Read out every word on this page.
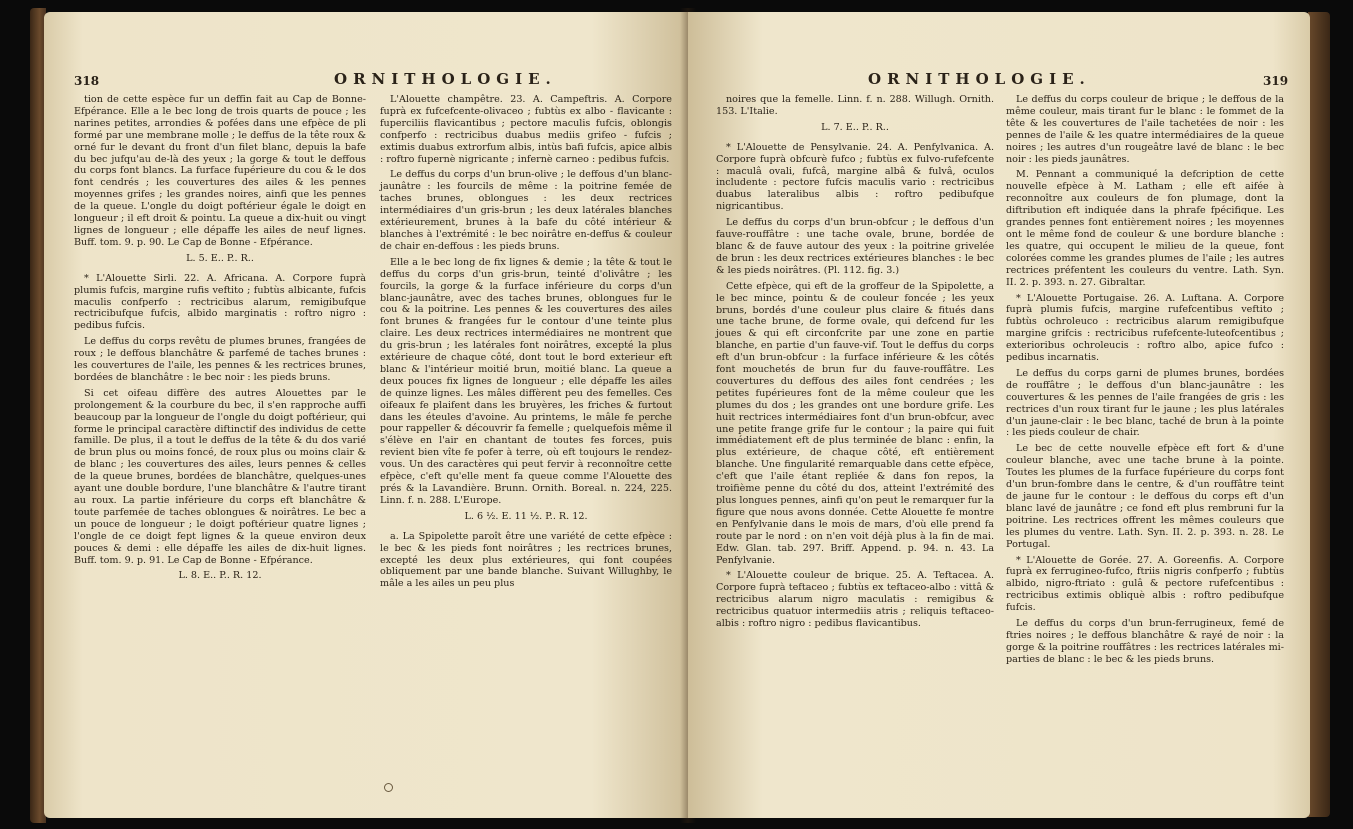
318	ORNITHOLOGIE.

tion de cette espèce fur un deffin fait au Cap de Bonne-Efpérance. Elle a le bec long de trois quarts de pouce ; les narines petites, arrondies & pofées dans une efpèce de pli formé par une membrane molle ; le deffus de la tête roux & orné fur le devant du front d'un filet blanc, depuis la bafe du bec jufqu'au de-là des yeux ; la gorge & tout le deffous du corps font blancs. La furface fupérieure du cou & le dos font cendrés ; les couvertures des ailes & les pennes moyennes grifes ; les grandes noires, ainfi que les pennes de la queue. L'ongle du doigt poftérieur égale le doigt en longueur ; il eft droit & pointu. La queue a dix-huit ou vingt lignes de longueur ; elle dépaffe les ailes de neuf lignes. Buff. tom. 9. p. 90. Le Cap de Bonne - Efpérance.

L. 5. E.. P.. R..

* L'Alouette Sirli. 22. A. Africana. A. Corpore fuprà plumis fufcis, margine rufis veftito ; fubtùs albicante, fufcis maculis confperfo : rectricibus alarum, remigibufque rectricibufque fufcis, albido marginatis : roftro nigro : pedibus fufcis.

Le deffus du corps revêtu de plumes brunes, frangées de roux ; le deffous blanchâtre & parfemé de taches brunes : les couvertures de l'aile, les pennes & les rectrices brunes, bordées de blanchâtre : le bec noir : les pieds bruns.

Si cet oifeau diffère des autres Alouettes par le prolongement & la courbure du bec, il s'en rapproche auffi beaucoup par la longueur de l'ongle du doigt poftérieur, qui forme le principal caractère diftinctif des individus de cette famille. De plus, il a tout le deffus de la tête & du dos varié de brun plus ou moins foncé, de roux plus ou moins clair & de blanc ; les couvertures des ailes, leurs pennes & celles de la queue brunes, bordées de blanchâtre, quelques-unes ayant une double bordure, l'une blanchâtre & l'autre tirant au roux. La partie inférieure du corps eft blanchâtre & toute parfemée de taches oblongues & noirâtres. Le bec a un pouce de longueur ; le doigt poftérieur quatre lignes ; l'ongle de ce doigt fept lignes & la queue environ deux pouces & demi : elle dépaffe les ailes de dix-huit lignes. Buff. tom. 9. p. 91. Le Cap de Bonne - Efpérance.

L. 8. E.. P.. R. 12.

L'Alouette champêtre. 23. A. Campeftris. A. Corpore fuprà ex fufcefcente-olivaceo ; fubtùs ex albo - flavicante : fuperciliis flavicantibus ; pectore maculis fufcis, oblongis confperfo : rectricibus duabus mediis grifeo - fufcis ; extimis duabus extrorfum albis, intùs bafi fufcis, apice albis : roftro fupernè nigricante ; infernè carneo : pedibus fufcis.

Le deffus du corps d'un brun-olive ; le deffous d'un blanc-jaunâtre : les fourcils de même : la poitrine femée de taches brunes, oblongues : les deux rectrices intermédiaires d'un gris-brun ; les deux latérales blanches extérieurement, brunes à la bafe du côté intérieur & blanches à l'extrémité : le bec noirâtre en-deffus & couleur de chair en-deffous : les pieds bruns.

Elle a le bec long de fix lignes & demie ; la tête & tout le deffus du corps d'un gris-brun, teinté d'olivâtre ; les fourcils, la gorge & la furface inférieure du corps d'un blanc-jaunâtre, avec des taches brunes, oblongues fur le cou & la poitrine. Les pennes & les couvertures des ailes font brunes & frangées fur le contour d'une teinte plus claire. Les deux rectrices intermédiaires ne montrent que du gris-brun ; les latérales font noirâtres, excepté la plus extérieure de chaque côté, dont tout le bord exterieur eft blanc & l'intérieur moitié brun, moitié blanc. La queue a deux pouces fix lignes de longueur ; elle dépaffe les ailes de quinze lignes. Les mâles diffèrent peu des femelles. Ces oifeaux fe plaifent dans les bruyères, les friches & furtout dans les éteules d'avoine. Au printems, le mâle fe perche pour rappeller & découvrir fa femelle ; quelquefois même il s'élève en l'air en chantant de toutes fes forces, puis revient bien vîte fe pofer à terre, où eft toujours le rendez-vous. Un des caractères qui peut fervir à reconnoître cette efpèce, c'eft qu'elle ment fa queue comme l'Alouette des prés & la Lavandière. Brunn. Ornith. Boreal. n. 224, 225. Linn. f. n. 288. L'Europe.

L. 6 ½. E. 11 ½. P.. R. 12.

a. La Spipolette paroît être une variété de cette efpèce : le bec & les pieds font noirâtres ; les rectrices brunes, excepté les deux plus extérieures, qui font coupées obliquement par une bande blanche. Suivant Willughby, le mâle a les ailes un peu plus

ORNITHOLOGIE.	319

noires que la femelle. Linn. f. n. 288. Willugh. Ornith. 153. L'Italie.

L. 7. E.. P.. R..

* L'Alouette de Pensylvanie. 24. A. Penfylvanica. A. Corpore fuprà obfcurè fufco ; fubtùs ex fulvo-rufefcente : maculâ ovali, fufcâ, margine albâ & fulvâ, oculos includente : pectore fufcis maculis vario : rectricibus duabus lateralibus albis : roftro pedibufque nigricantibus.

Le deffus du corps d'un brun-obfcur ; le deffous d'un fauve-rouffâtre : une tache ovale, brune, bordée de blanc & de fauve autour des yeux : la poitrine grivelée de brun : les deux rectrices extérieures blanches : le bec & les pieds noirâtres. (Pl. 112. fig. 3.)

Cette efpèce, qui eft de la groffeur de la Spipolette, a le bec mince, pointu & de couleur foncée ; les yeux bruns, bordés d'une couleur plus claire & fitués dans une tache brune, de forme ovale, qui defcend fur les joues & qui eft circonfcrite par une zone en partie blanche, en partie d'un fauve-vif. Tout le deffus du corps eft d'un brun-obfcur : la furface inférieure & les côtés font mouchetés de brun fur du fauve-rouffâtre. Les couvertures du deffous des ailes font cendrées ; les petites fupérieures font de la même couleur que les plumes du dos ; les grandes ont une bordure grife. Les huit rectrices intermédiaires font d'un brun-obfcur, avec une petite frange grife fur le contour ; la paire qui fuit immédiatement eft de plus terminée de blanc : enfin, la plus extérieure, de chaque côté, eft entièrement blanche. Une fingularité remarquable dans cette efpèce, c'eft que l'aile étant repliée & dans fon repos, la troifième penne du côté du dos, atteint l'extrémité des plus longues pennes, ainfi qu'on peut le remarquer fur la figure que nous avons donnée. Cette Alouette fe montre en Penfylvanie dans le mois de mars, d'où elle prend fa route par le nord : on n'en voit déjà plus à la fin de mai. Edw. Glan. tab. 297. Briff. Append. p. 94. n. 43. La Penfylvanie.

* L'Alouette couleur de brique. 25. A. Teftacea. A. Corpore fuprà teftaceo ; fubtùs ex teftaceo-albo : vittâ & rectricibus alarum nigro maculatis : remigibus & rectricibus quatuor intermediis atris ; reliquis teftaceo-albis : roftro nigro : pedibus flavicantibus.

Le deffus du corps couleur de brique ; le deffous de la même couleur, mais tirant fur le blanc : le fommet de la tête & les couvertures de l'aile tachetées de noir : les pennes de l'aile & les quatre intermédiaires de la queue noires ; les autres d'un rougeâtre lavé de blanc : le bec noir : les pieds jaunâtres.

M. Pennant a communiqué la defcription de cette nouvelle efpèce à M. Latham ; elle eft aifée à reconnoître aux couleurs de fon plumage, dont la diftribution eft indiquée dans la phrafe fpécifique. Les grandes pennes font entièrement noires ; les moyennes ont le même fond de couleur & une bordure blanche : les quatre, qui occupent le milieu de la queue, font colorées comme les grandes plumes de l'aile ; les autres rectrices préfentent les couleurs du ventre. Lath. Syn. II. 2. p. 393. n. 27. Gibraltar.

* L'Alouette Portugaise. 26. A. Luftana. A. Corpore fuprà plumis fufcis, margine rufefcentibus veftito ; fubtùs ochroleuco : rectricibus alarum remigibufque margine grifcis : rectricibus rufefcente-luteofcentibus ; exterioribus ochroleucis : roftro albo, apice fufco : pedibus incarnatis.

Le deffus du corps garni de plumes brunes, bordées de rouffâtre ; le deffous d'un blanc-jaunâtre : les couvertures & les pennes de l'aile frangées de gris : les rectrices d'un roux tirant fur le jaune ; les plus latérales d'un jaune-clair : le bec blanc, taché de brun à la pointe : les pieds couleur de chair.

Le bec de cette nouvelle efpèce eft fort & d'une couleur blanche, avec une tache brune à la pointe. Toutes les plumes de la furface fupérieure du corps font d'un brun-fombre dans le centre, & d'un rouffâtre teint de jaune fur le contour : le deffous du corps eft d'un blanc lavé de jaunâtre ; ce fond eft plus rembruni fur la poitrine. Les rectrices offrent les mêmes couleurs que les plumes du ventre. Lath. Syn. II. 2. p. 393. n. 28. Le Portugal.

* L'Alouette de Gorée. 27. A. Goreenfis. A. Corpore fuprà ex ferrugineo-fufco, ftriis nigris confperfo ; fubtùs albido, nigro-ftriato : gulâ & pectore rufefcentibus : rectricibus extimis obliquè albis : roftro pedibufque fufcis.

Le deffus du corps d'un brun-ferrugineux, femé de ftries noires ; le deffous blanchâtre & rayé de noir : la gorge & la poitrine rouffâtres : les rectrices latérales mi-parties de blanc : le bec & les pieds bruns.
